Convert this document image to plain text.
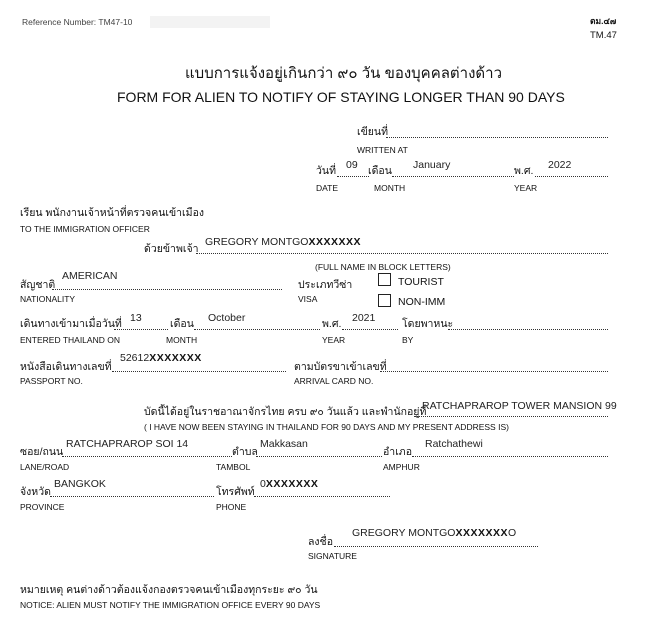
Reference Number: TM47-10	ตม.๔๗
TM.47
แบบการแจ้งอยู่เกินกว่า ๙๐ วัน ของบุคคลต่างด้าว
FORM FOR ALIEN TO NOTIFY OF STAYING LONGER THAN 90 DAYS
เขียนที่
WRITTEN AT
วันที่ 09 เดือน January	พ.ศ. 2022
DATE	MONTH	YEAR
เรียน พนักงานเจ้าหน้าที่ตรวจคนเข้าเมือง
TO THE IMMIGRATION OFFICER
ด้วยข้าพเจ้า
GREGORY MONTGOXXXXXXX
(FULL NAME IN BLOCK LETTERS)
สัญชาติ
AMERICAN
NATIONALITY
ประเภทวีซ่า
VISA
TOURIST
NON-IMM
เดินทางเข้ามาเมื่อวันที่ 13	เดือน October	พ.ศ. 2021	โดยพาหนะ
ENTERED THAILAND ON	MONTH	YEAR	BY
หนังสือเดินทางเลขที่
52612XXXXXXX
PASSPORT NO.
ตามบัตรขาเข้าเลขที่
ARRIVAL CARD NO.
บัดนี้ได้อยู่ในราชอาณาจักรไทย ครบ ๙๐ วันแล้ว และพำนักอยู่ที่
RATCHAPRAROP TOWER MANSION 99
( I HAVE NOW BEEN STAYING IN THAILAND FOR 90 DAYS AND MY PRESENT ADDRESS IS)
ซอย/ถนน
RATCHAPRAROP SOI 14
LANE/ROAD
ตำบล
Makkasan
TAMBOL
อำเภอ
Ratchathewi
AMPHUR
จังหวัด
BANGKOK
PROVINCE
โทรศัพท์
0XXXXXXX
PHONE
ลงชื่อ
GREGORY MONTGOXXXXXXXO
SIGNATURE
หมายเหตุ คนต่างด้าวต้องแจ้งกองตรวจคนเข้าเมืองทุกระยะ ๙๐ วัน
NOTICE: ALIEN MUST NOTIFY THE IMMIGRATION OFFICE EVERY 90 DAYS
